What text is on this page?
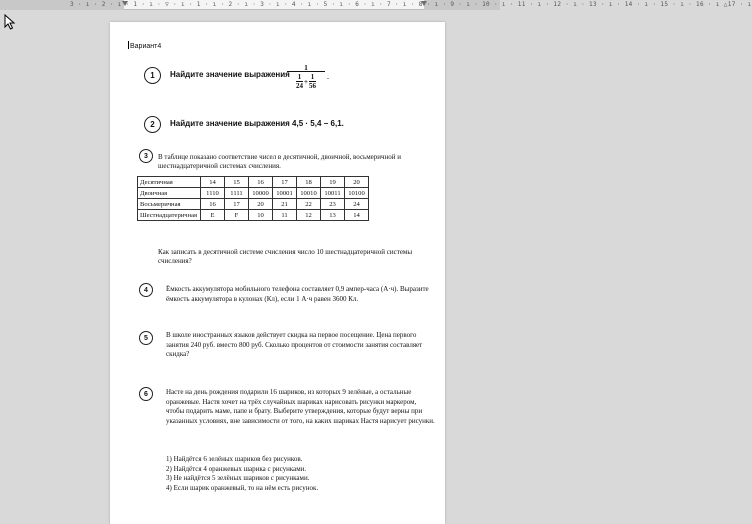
3 · ı · 2 · ı · 1 · ı · ▽ · ı · 1 · ı · 2 · ı · 3 · ı · 4 · ı · 5 · ı · 6 · ı · 7 · ı · 8 · ı · 9 · ı · 10 · ı · 11 · ı · 12 · ı · 13 · ı · 14 · ı · 15 · ı · 16 · ı △17 · ı
Вариант4
1	Найдите значение выражения
$\frac{1}{\frac{1}{24} + \frac{1}{56}}$ .
2	Найдите значение выражения 4,5 · 5,4 − 6,1.
3	В таблице показано соответствие чисел в десятичной, двоичной, восьмеричной и шестнадцатеричной системах счисления.
Десятичная	14	15	16	17	18	19	20
Двоичная	1110	1111	10000	10001	10010	10011	10100
Восьмеричная	16	17	20	21	22	23	24
Шестнадцатеричная	E	F	10	11	12	13	14
Как записать в десятичной системе счисления число 10 шестнадцатеричной системы счисления?
4	Ёмкость аккумулятора мобильного телефона составляет 0,9 ампер-часа (А·ч). Выразите ёмкость аккумулятора в кулонах (Кл), если 1 А·ч равен 3600 Кл.
5	В школе иностранных языков действует скидка на первое посещение. Цена первого занятия 240 руб. вместо 800 руб. Сколько процентов от стоимости занятия составляет скидка?
6	Насте на день рождения подарили 16 шариков, из которых 9 зелёные, а остальные оранжевые. Настя хочет на трёх случайных шариках нарисовать рисунки маркером, чтобы подарить маме, папе и брату. Выберите утверждения, которые будут верны при указанных условиях, вне зависимости от того, на каких шариках Настя нарисует рисунки.
1) Найдётся 6 зелёных шариков без рисунков.
2) Найдётся 4 оранжевых шарика с рисунками.
3) Не найдётся 5 зелёных шариков с рисунками.
4) Если шарик оранжевый, то на нём есть рисунок.
